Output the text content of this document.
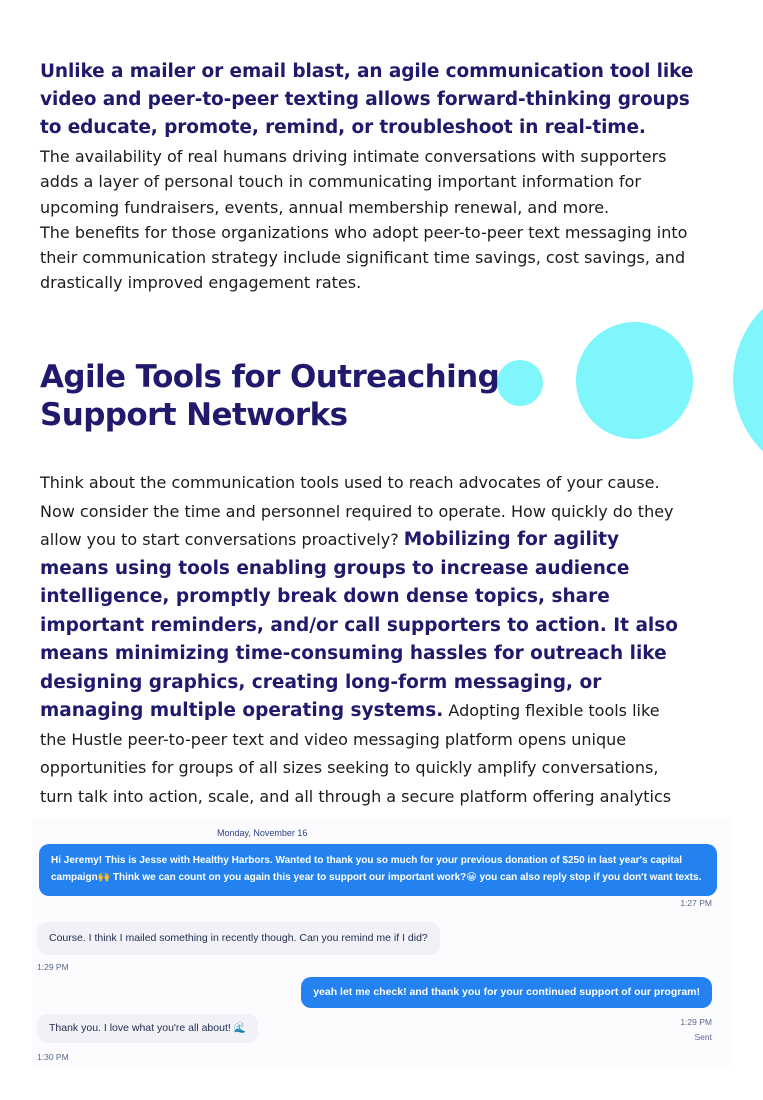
Unlike a mailer or email blast, an agile communication tool like video and peer-to-peer texting allows forward-thinking groups to educate, promote, remind, or troubleshoot in real-time.

The availability of real humans driving intimate conversations with supporters adds a layer of personal touch in communicating important information for upcoming fundraisers, events, annual membership renewal, and more.

The benefits for those organizations who adopt peer-to-peer text messaging into their communication strategy include significant time savings, cost savings, and drastically improved engagement rates.

Agile Tools for Outreaching Support Networks
Think about the communication tools used to reach advocates of your cause. Now consider the time and personnel required to operate. How quickly do they allow you to start conversations proactively? Mobilizing for agility means using tools enabling groups to increase audience intelligence, promptly break down dense topics, share important reminders, and/or call supporters to action. It also means minimizing time-consuming hassles for outreach like designing graphics, creating long-form messaging, or managing multiple operating systems. Adopting flexible tools like the Hustle peer-to-peer text and video messaging platform opens unique opportunities for groups of all sizes seeking to quickly amplify conversations, turn talk into action, scale, and all through a secure platform offering analytics
Monday, November 16
Hi Jeremy! This is Jesse with Healthy Harbors. Wanted to thank you so much for your previous donation of $250 in last year's capital campaign🙌 Think we can count on you again this year to support our important work?😀 you can also reply stop if you don't want texts.
1:27 PM
Course. I think I mailed something in recently though. Can you remind me if I did?
1:29 PM
yeah let me check! and thank you for your continued support of our program!
1:29 PM
Sent
Thank you. I love what you're all about! 🌊
1:30 PM
